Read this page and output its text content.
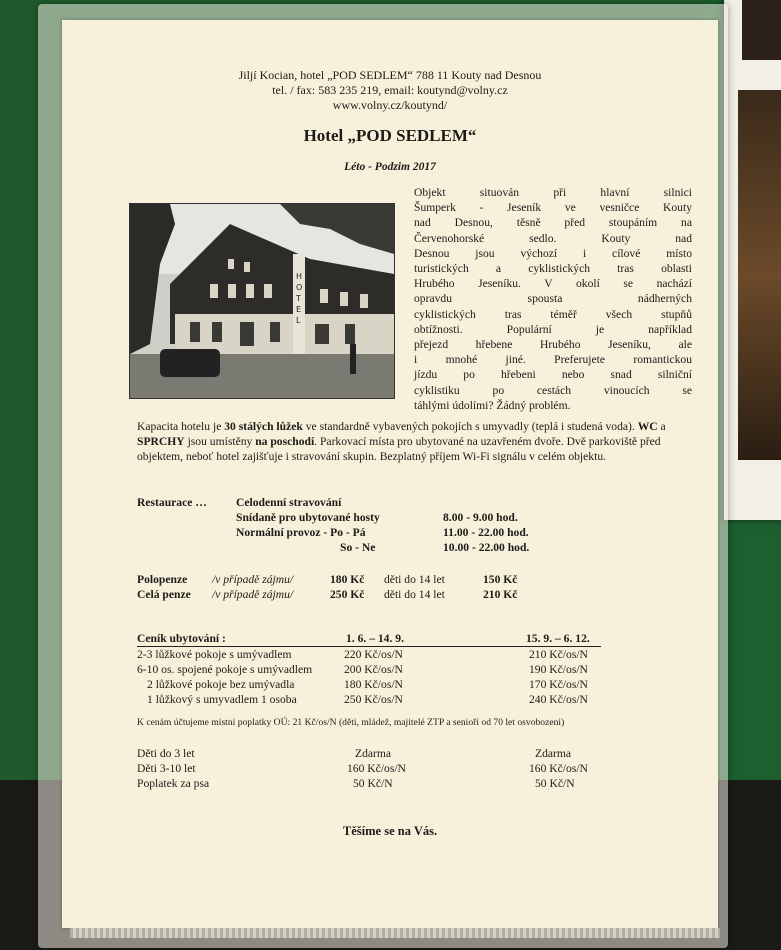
Jiljí Kocian, hotel „POD SEDLEM“ 788 11 Kouty nad Desnou
tel. / fax: 583 235 219, email: koutynd@volny.cz
www.volny.cz/koutynd/
Hotel „POD SEDLEM“
Léto - Podzim 2017
H O T E L
Objekt situován při hlavní silnici
Šumperk - Jeseník ve vesničce Kouty
nad Desnou, těsně před stoupáním na
Červenohorské sedlo. Kouty nad
Desnou jsou výchozí i cílové místo
turistických a cyklistických tras oblasti
Hrubého Jeseníku. V okolí se nachází
opravdu spousta nádherných
cyklistických tras téměř všech stupňů
obtížnosti. Populární je například
přejezd hřebene Hrubého Jeseníku, ale
i mnohé jiné. Preferujete romantickou
jízdu po hřebeni nebo snad silniční
cyklistiku po cestách vinoucích se
táhlými údolími? Žádný problém.
Kapacita hotelu je 30 stálých lůžek ve standardně vybavených pokojích s umyvadly (teplá i studená voda). WC a SPRCHY jsou umístěny na poschodí. Parkovací místa pro ubytované na uzavřeném dvoře. Dvě parkoviště před objektem, neboť hotel zajišťuje i stravování skupin. Bezplatný příjem Wi-Fi signálu v celém objektu.
Restaurace …	Celodenní stravování
Snídaně pro ubytované hosty	8.00 - 9.00 hod.
Normální provoz - Po - Pá	11.00 - 22.00 hod.
So - Ne	10.00 - 22.00 hod.
Polopenze /v případě zájmu/	180 Kč děti do 14 let	150 Kč
Celá penze /v případě zájmu/	250 Kč děti do 14 let	210 Kč
Ceník ubytování :	1. 6. – 14. 9.	15. 9. – 6. 12.
2-3 lůžkové pokoje s umývadlem	220 Kč/os/N	210 Kč/os/N
6-10 os. spojené pokoje s umývadlem	200 Kč/os/N	190 Kč/os/N
2 lůžkové pokoje bez umývadla	180 Kč/os/N	170 Kč/os/N
1 lůžkový s umyvadlem 1 osoba	250 Kč/os/N	240 Kč/os/N
K cenám účtujeme místní poplatky OÚ: 21 Kč/os/N (děti, mládež, majitelé ZTP a senioři od 70 let osvobozeni)
Děti do 3 let	Zdarma	Zdarma
Děti 3-10 let	160 Kč/os/N	160 Kč/os/N
Poplatek za psa	50 Kč/N	50 Kč/N
Těšíme se na Vás.
